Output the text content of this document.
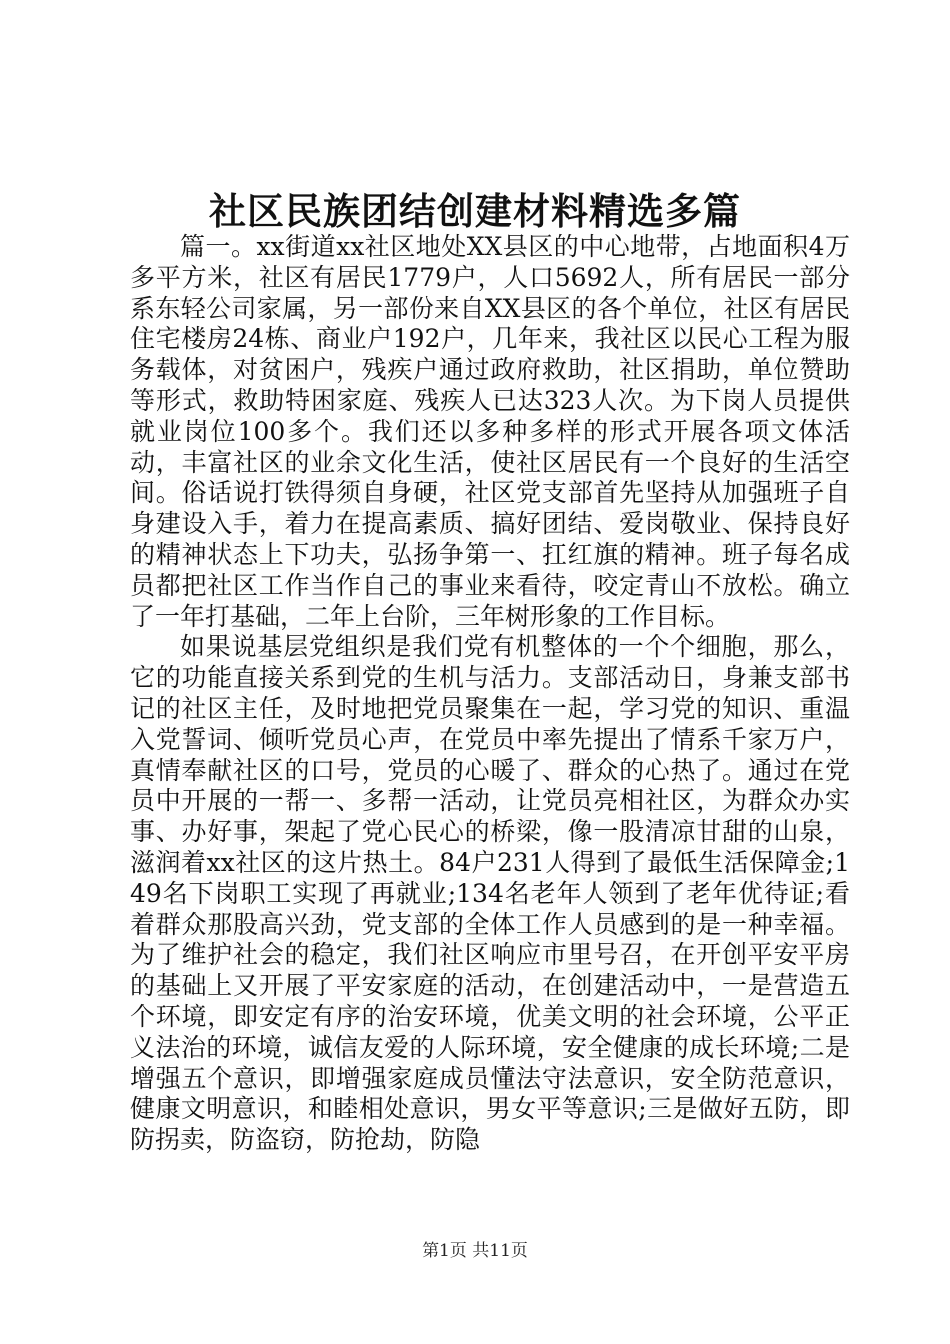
社区民族团结创建材料精选多篇

篇一。xx街道xx社区地处XX县区的中心地带，占地面积4万多平方米，社区有居民1779户，人口5692人，所有居民一部分系东轻公司家属，另一部份来自XX县区的各个单位，社区有居民住宅楼房24栋、商业户192户，几年来，我社区以民心工程为服务载体，对贫困户，残疾户通过政府救助，社区捐助，单位赞助等形式，救助特困家庭、残疾人已达323人次。为下岗人员提供就业岗位100多个。我们还以多种多样的形式开展各项文体活动，丰富社区的业余文化生活，使社区居民有一个良好的生活空间。俗话说打铁得须自身硬，社区党支部首先坚持从加强班子自身建设入手，着力在提高素质、搞好团结、爱岗敬业、保持良好的精神状态上下功夫，弘扬争第一、扛红旗的精神。班子每名成员都把社区工作当作自己的事业来看待，咬定青山不放松。确立了一年打基础，二年上台阶，三年树形象的工作目标。

如果说基层党组织是我们党有机整体的一个个细胞，那么，它的功能直接关系到党的生机与活力。支部活动日，身兼支部书记的社区主任，及时地把党员聚集在一起，学习党的知识、重温入党誓词、倾听党员心声，在党员中率先提出了情系千家万户，真情奉献社区的口号，党员的心暖了、群众的心热了。通过在党员中开展的一帮一、多帮一活动，让党员亮相社区，为群众办实事、办好事，架起了党心民心的桥梁，像一股清凉甘甜的山泉，滋润着xx社区的这片热土。84户231人得到了最低生活保障金;149名下岗职工实现了再就业;134名老年人领到了老年优待证;看着群众那股高兴劲，党支部的全体工作人员感到的是一种幸福。为了维护社会的稳定，我们社区响应市里号召，在开创平安平房的基础上又开展了平安家庭的活动，在创建活动中，一是营造五个环境，即安定有序的治安环境，优美文明的社会环境，公平正义法治的环境，诚信友爱的人际环境，安全健康的成长环境;二是增强五个意识，即增强家庭成员懂法守法意识，安全防范意识，健康文明意识，和睦相处意识，男女平等意识;三是做好五防，即防拐卖，防盗窃，防抢劫，防隐

第1页 共11页
